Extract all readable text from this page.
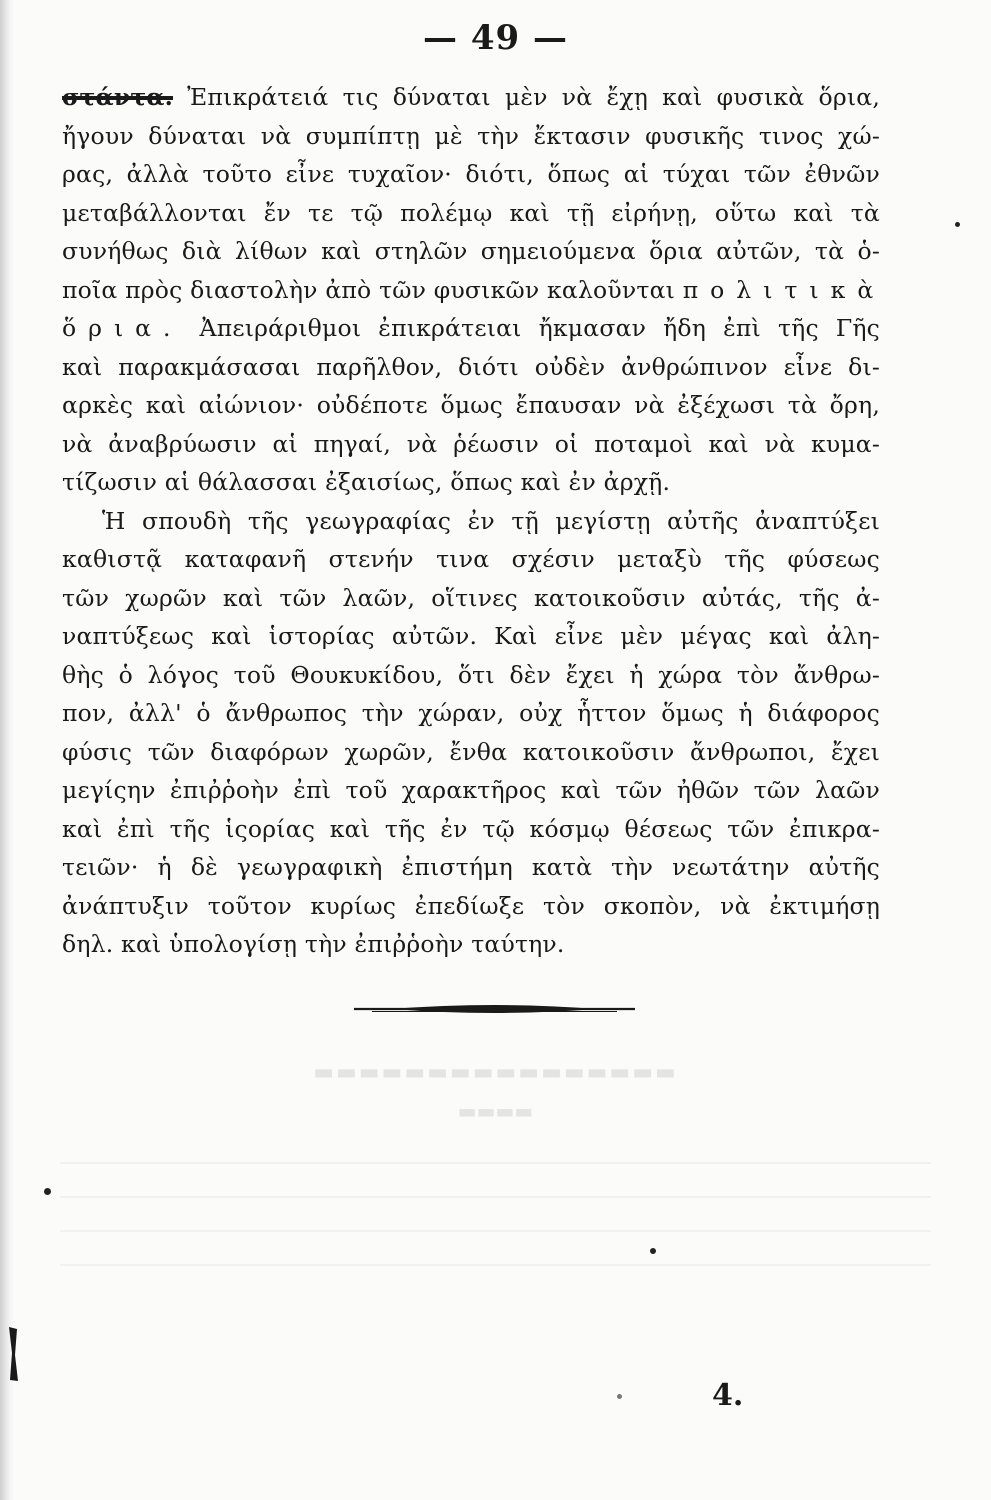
▬▬▬▬▬▬▬▬▬▬▬▬▬▬▬▬
▬▬▬▬
— 49 —
στάντα. Ἐπικράτειά τις δύναται μὲν νὰ ἔχῃ καὶ φυσικὰ ὅρια,
ἤγουν δύναται νὰ συμπίπτῃ μὲ τὴν ἔκτασιν φυσικῆς τινος χώ-
ρας, ἀλλὰ τοῦτο εἶνε τυχαῖον· διότι, ὅπως αἱ τύχαι τῶν ἐθνῶν
μεταβάλλονται ἔν τε τῷ πολέμῳ καὶ τῇ εἰρήνῃ, οὕτω καὶ τὰ
συνήθως διὰ λίθων καὶ στηλῶν σημειούμενα ὅρια αὐτῶν, τὰ ὁ-
ποῖα πρὸς διαστολὴν ἀπὸ τῶν φυσικῶν καλοῦνται πολιτικὰ
ὅρια. Ἀπειράριθμοι ἐπικράτειαι ἤκμασαν ἤδη ἐπὶ τῆς Γῆς
καὶ παρακμάσασαι παρῆλθον, διότι οὐδὲν ἀνθρώπινον εἶνε δι-
αρκὲς καὶ αἰώνιον· οὐδέποτε ὅμως ἔπαυσαν νὰ ἐξέχωσι τὰ ὄρη,
νὰ ἀναβρύωσιν αἱ πηγαί, νὰ ῥέωσιν οἱ ποταμοὶ καὶ νὰ κυμα-
τίζωσιν αἱ θάλασσαι ἐξαισίως, ὅπως καὶ ἐν ἀρχῇ.
Ἡ σπουδὴ τῆς γεωγραφίας ἐν τῇ μεγίστῃ αὐτῆς ἀναπτύξει
καθιστᾷ καταφανῆ στενήν τινα σχέσιν μεταξὺ τῆς φύσεως
τῶν χωρῶν καὶ τῶν λαῶν, οἵτινες κατοικοῦσιν αὐτάς, τῆς ἀ-
ναπτύξεως καὶ ἱστορίας αὐτῶν. Καὶ εἶνε μὲν μέγας καὶ ἀλη-
θὴς ὁ λόγος τοῦ Θουκυκίδου, ὅτι δὲν ἔχει ἡ χώρα τὸν ἄνθρω-
πον, ἀλλ' ὁ ἄνθρωπος τὴν χώραν, οὐχ ἧττον ὅμως ἡ διάφορος
φύσις τῶν διαφόρων χωρῶν, ἔνθα κατοικοῦσιν ἄνθρωποι, ἔχει
μεγίςην ἐπιῤῥοὴν ἐπὶ τοῦ χαρακτῆρος καὶ τῶν ἠθῶν τῶν λαῶν
καὶ ἐπὶ τῆς ἱςορίας καὶ τῆς ἐν τῷ κόσμῳ θέσεως τῶν ἐπικρα-
τειῶν· ἡ δὲ γεωγραφικὴ ἐπιστήμη κατὰ τὴν νεωτάτην αὐτῆς
ἀνάπτυξιν τοῦτον κυρίως ἐπεδίωξε τὸν σκοπὸν, νὰ ἐκτιμήσῃ
δηλ. καὶ ὑπολογίσῃ τὴν ἐπιῤῥοὴν ταύτην.
4.
